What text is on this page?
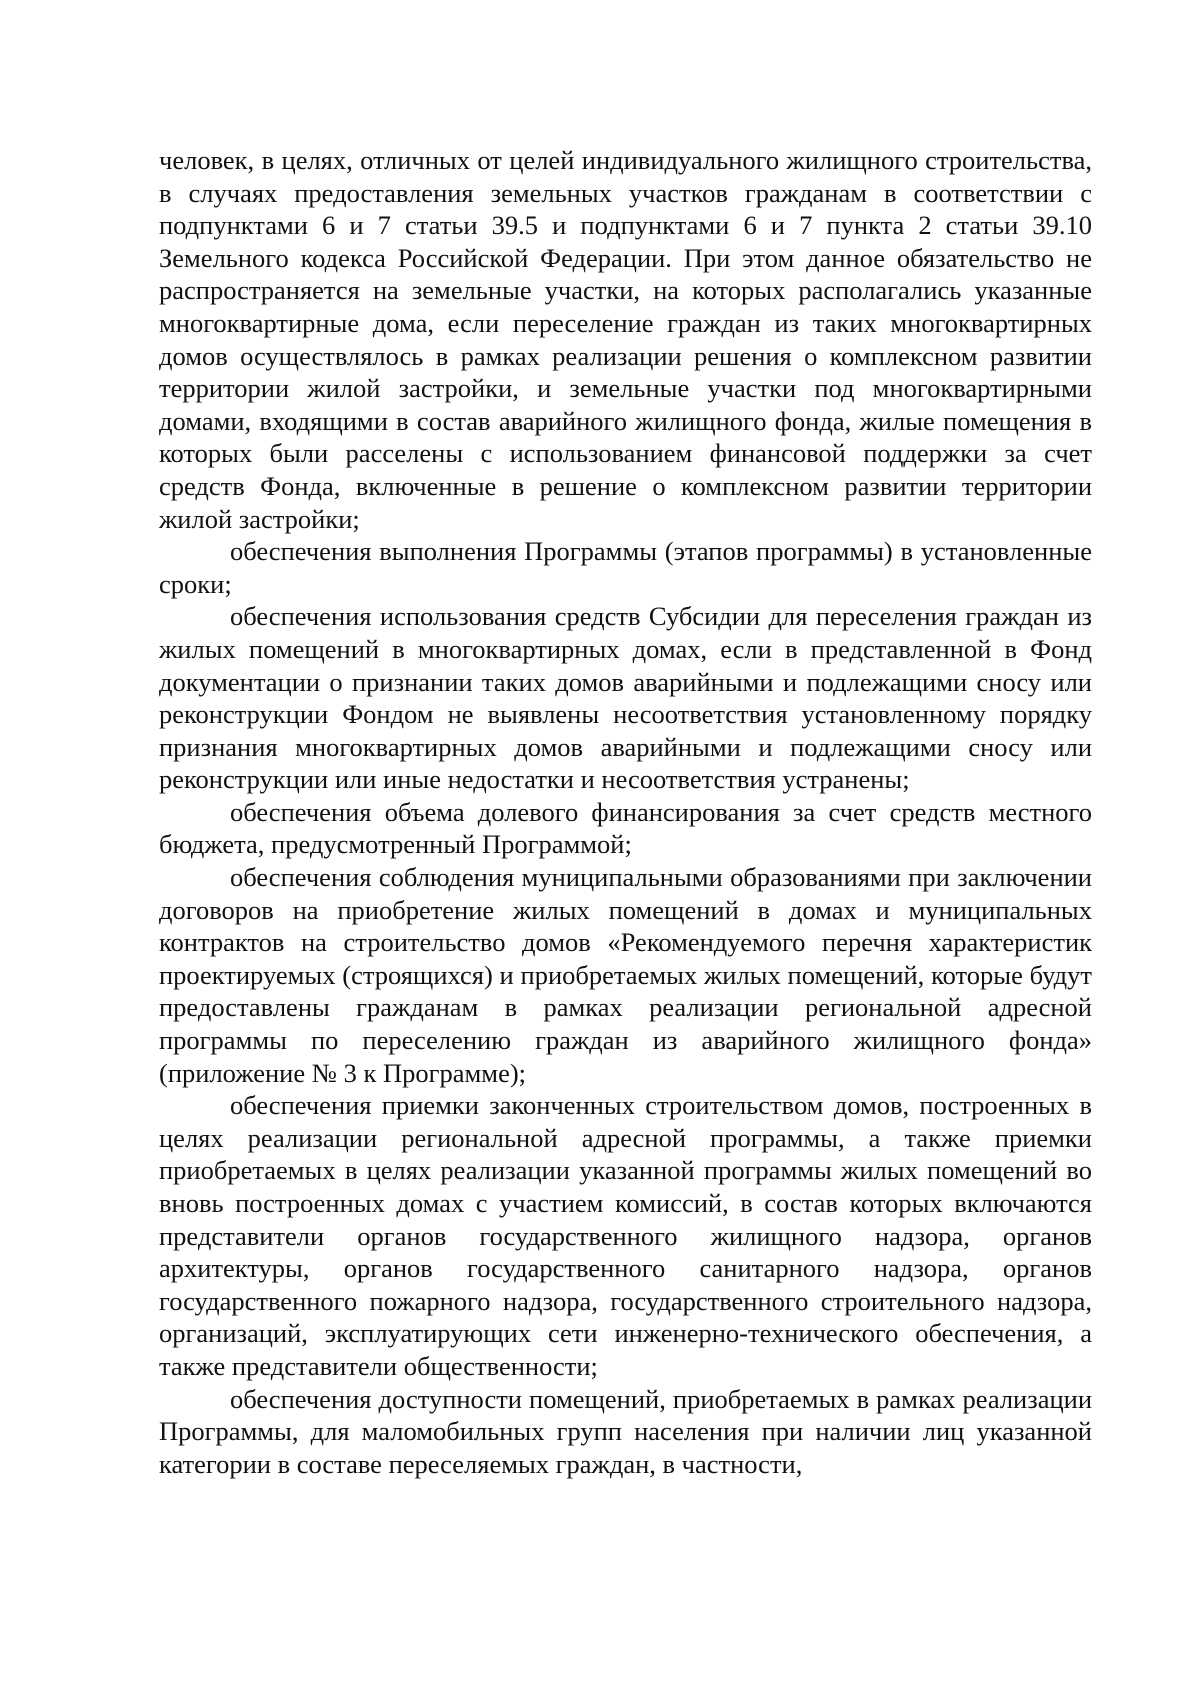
человек, в целях, отличных от целей индивидуального жилищного строительства, в случаях предоставления земельных участков гражданам в соответствии с подпунктами 6 и 7 статьи 39.5 и подпунктами 6 и 7 пункта 2 статьи 39.10 Земельного кодекса Российской Федерации. При этом данное обязательство не распространяется на земельные участки, на которых располагались указанные многоквартирные дома, если переселение граждан из таких многоквартирных домов осуществлялось в рамках реализации решения о комплексном развитии территории жилой застройки, и земельные участки под многоквартирными домами, входящими в состав аварийного жилищного фонда, жилые помещения в которых были расселены с использованием финансовой поддержки за счет средств Фонда, включенные в решение о комплексном развитии территории жилой застройки;

обеспечения выполнения Программы (этапов программы) в установленные сроки;

обеспечения использования средств Субсидии для переселения граждан из жилых помещений в многоквартирных домах, если в представленной в Фонд документации о признании таких домов аварийными и подлежащими сносу или реконструкции Фондом не выявлены несоответствия установленному порядку признания многоквартирных домов аварийными и подлежащими сносу или реконструкции или иные недостатки и несоответствия устранены;

обеспечения объема долевого финансирования за счет средств местного бюджета, предусмотренный Программой;

обеспечения соблюдения муниципальными образованиями при заключении договоров на приобретение жилых помещений в домах и муниципальных контрактов на строительство домов «Рекомендуемого перечня характеристик проектируемых (строящихся) и приобретаемых жилых помещений, которые будут предоставлены гражданам в рамках реализации региональной адресной программы по переселению граждан из аварийного жилищного фонда» (приложение № 3 к Программе);

обеспечения приемки законченных строительством домов, построенных в целях реализации региональной адресной программы, а также приемки приобретаемых в целях реализации указанной программы жилых помещений во вновь построенных домах с участием комиссий, в состав которых включаются представители органов государственного жилищного надзора, органов архитектуры, органов государственного санитарного надзора, органов государственного пожарного надзора, государственного строительного надзора, организаций, эксплуатирующих сети инженерно-технического обеспечения, а также представители общественности;

обеспечения доступности помещений, приобретаемых в рамках реализации Программы, для маломобильных групп населения при наличии лиц указанной категории в составе переселяемых граждан, в частности,
